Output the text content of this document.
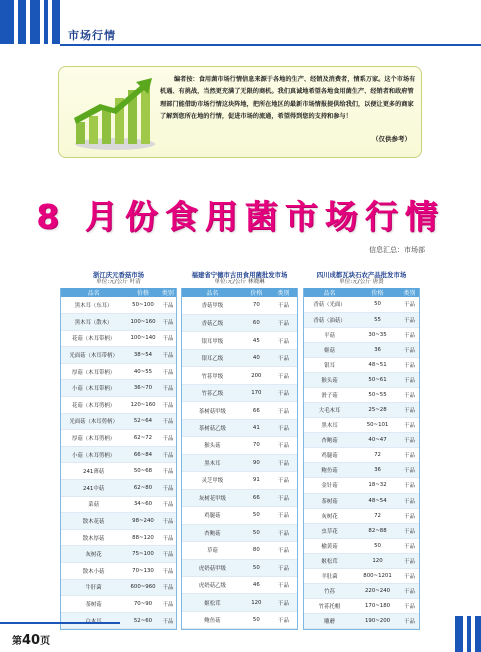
市场行情
编者按：食用菌市场行情信息来源于各地的生产、经销及消费者，情系万家。这个市场有机遇、有挑战，当然更充满了无限的商机。我们真诚地希望各地食用菌生产、经销者和政府管理部门能借助市场行情这块阵地，把所在地区的最新市场情报提供给我们，以便让更多的商家了解到您所在地的行情，促进市场的流通，希望得到您的支持和参与！
（仅供参考）
8 月份食用菌市场行情
信息汇总：市场部
浙江庆元香菇市场
单位:元/公斤 叶清
品名	价格	类别
黑木耳（东耳）	50~100	干品
黑木耳（散木）	100~160	干品
花菇（木耳带柄）	100~140	干品
光面菇（木耳带柄）	38~54	干品
厚菇（木耳带柄）	40~55	干品
小菇（木耳带柄）	36~70	干品
花菇（木耳剪柄）	120~160	干品
光面菇（木耳剪柄）	52~64	干品
厚菇（木耳剪柄）	62~72	干品
小菇（木耳剪柄）	66~84	干品
241薄菇	50~68	干品
241中菇	62~80	干品
菜菇	34~60	干品
散木花菇	98~240	干品
散木厚菇	88~120	干品
灰树花	75~100	干品
散木小菇	70~130	干品
牛肝菌	600~960	干品
茶树菇	70~90	干品
	52~60	干品
福建省宁德市古田食用菌批发市场
单位:元/公斤 林晓琳
品名	价格	类别
香菇甲级	70	干品
香菇乙级	60	干品
银耳甲级	45	干品
银耳乙级	40	干品
竹荪甲级	200	干品
竹荪乙级	170	干品
茶树菇甲级	66	干品
茶树菇乙级	41	干品
猴头菇	70	干品
黑木耳	90	干品
灵芝甲级	91	干品
灰树花甲级	66	干品
鸡腿菇	50	干品
杏鲍菇	50	干品
草菇	80	干品
虎奶菇甲级	50	干品
虎奶菇乙级	46	干品
姬松茸	120	干品
鲍鱼菇	50	干品
四川成都瓦块石农产品批发市场
单位:元/公斤 唐贤
品名	价格	类别
香菇（光面）	50	干品
香菇（油菇）	55	干品
平菇	30~35	干品
姬菇	36	干品
银耳	48~51	干品
猴头菇	50~61	干品
滑子菇	50~55	干品
大毛木耳	25~28	干品
黑木耳	50~101	干品
杏鲍菇	40~47	干品
鸡腿菇	72	干品
鲍鱼菇	36	干品
金针菇	18~32	干品
茶树菇	48~54	干品
灰树花	72	干品
虫草花	82~88	干品
榆黄菇	50	干品
姬松茸	120	干品
羊肚菌	800~1201	干品
竹荪	220~240	干品
竹荪托帽	170~180	干品
雕蘑	190~200	干品
第40页
